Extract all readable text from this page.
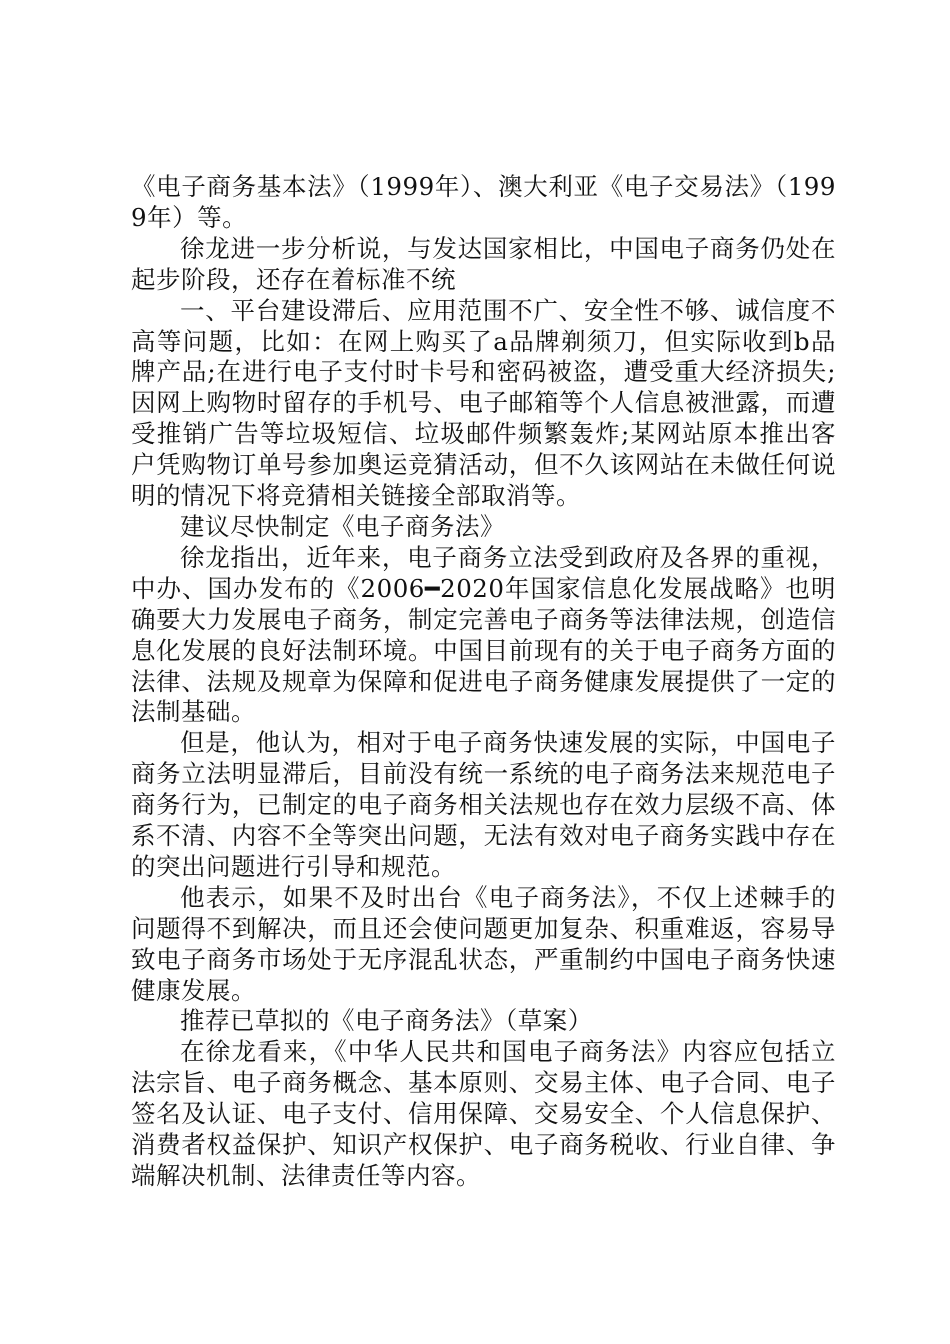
《电子商务基本法》（1999年）、澳大利亚《电子交易法》（1999年）等。

徐龙进一步分析说，与发达国家相比，中国电子商务仍处在起步阶段，还存在着标准不统

一、平台建设滞后、应用范围不广、安全性不够、诚信度不高等问题，比如：在网上购买了a品牌剃须刀，但实际收到b品牌产品;在进行电子支付时卡号和密码被盗，遭受重大经济损失;因网上购物时留存的手机号、电子邮箱等个人信息被泄露，而遭受推销广告等垃圾短信、垃圾邮件频繁轰炸;某网站原本推出客户凭购物订单号参加奥运竞猜活动，但不久该网站在未做任何说明的情况下将竞猜相关链接全部取消等。

建议尽快制定《电子商务法》

徐龙指出，近年来，电子商务立法受到政府及各界的重视，中办、国办发布的《2006━2020年国家信息化发展战略》也明确要大力发展电子商务，制定完善电子商务等法律法规，创造信息化发展的良好法制环境。中国目前现有的关于电子商务方面的法律、法规及规章为保障和促进电子商务健康发展提供了一定的法制基础。

但是，他认为，相对于电子商务快速发展的实际，中国电子商务立法明显滞后，目前没有统一系统的电子商务法来规范电子商务行为，已制定的电子商务相关法规也存在效力层级不高、体系不清、内容不全等突出问题，无法有效对电子商务实践中存在的突出问题进行引导和规范。

他表示，如果不及时出台《电子商务法》，不仅上述棘手的问题得不到解决，而且还会使问题更加复杂、积重难返，容易导致电子商务市场处于无序混乱状态，严重制约中国电子商务快速健康发展。

推荐已草拟的《电子商务法》（草案）

在徐龙看来，《中华人民共和国电子商务法》内容应包括立法宗旨、电子商务概念、基本原则、交易主体、电子合同、电子签名及认证、电子支付、信用保障、交易安全、个人信息保护、消费者权益保护、知识产权保护、电子商务税收、行业自律、争端解决机制、法律责任等内容。
